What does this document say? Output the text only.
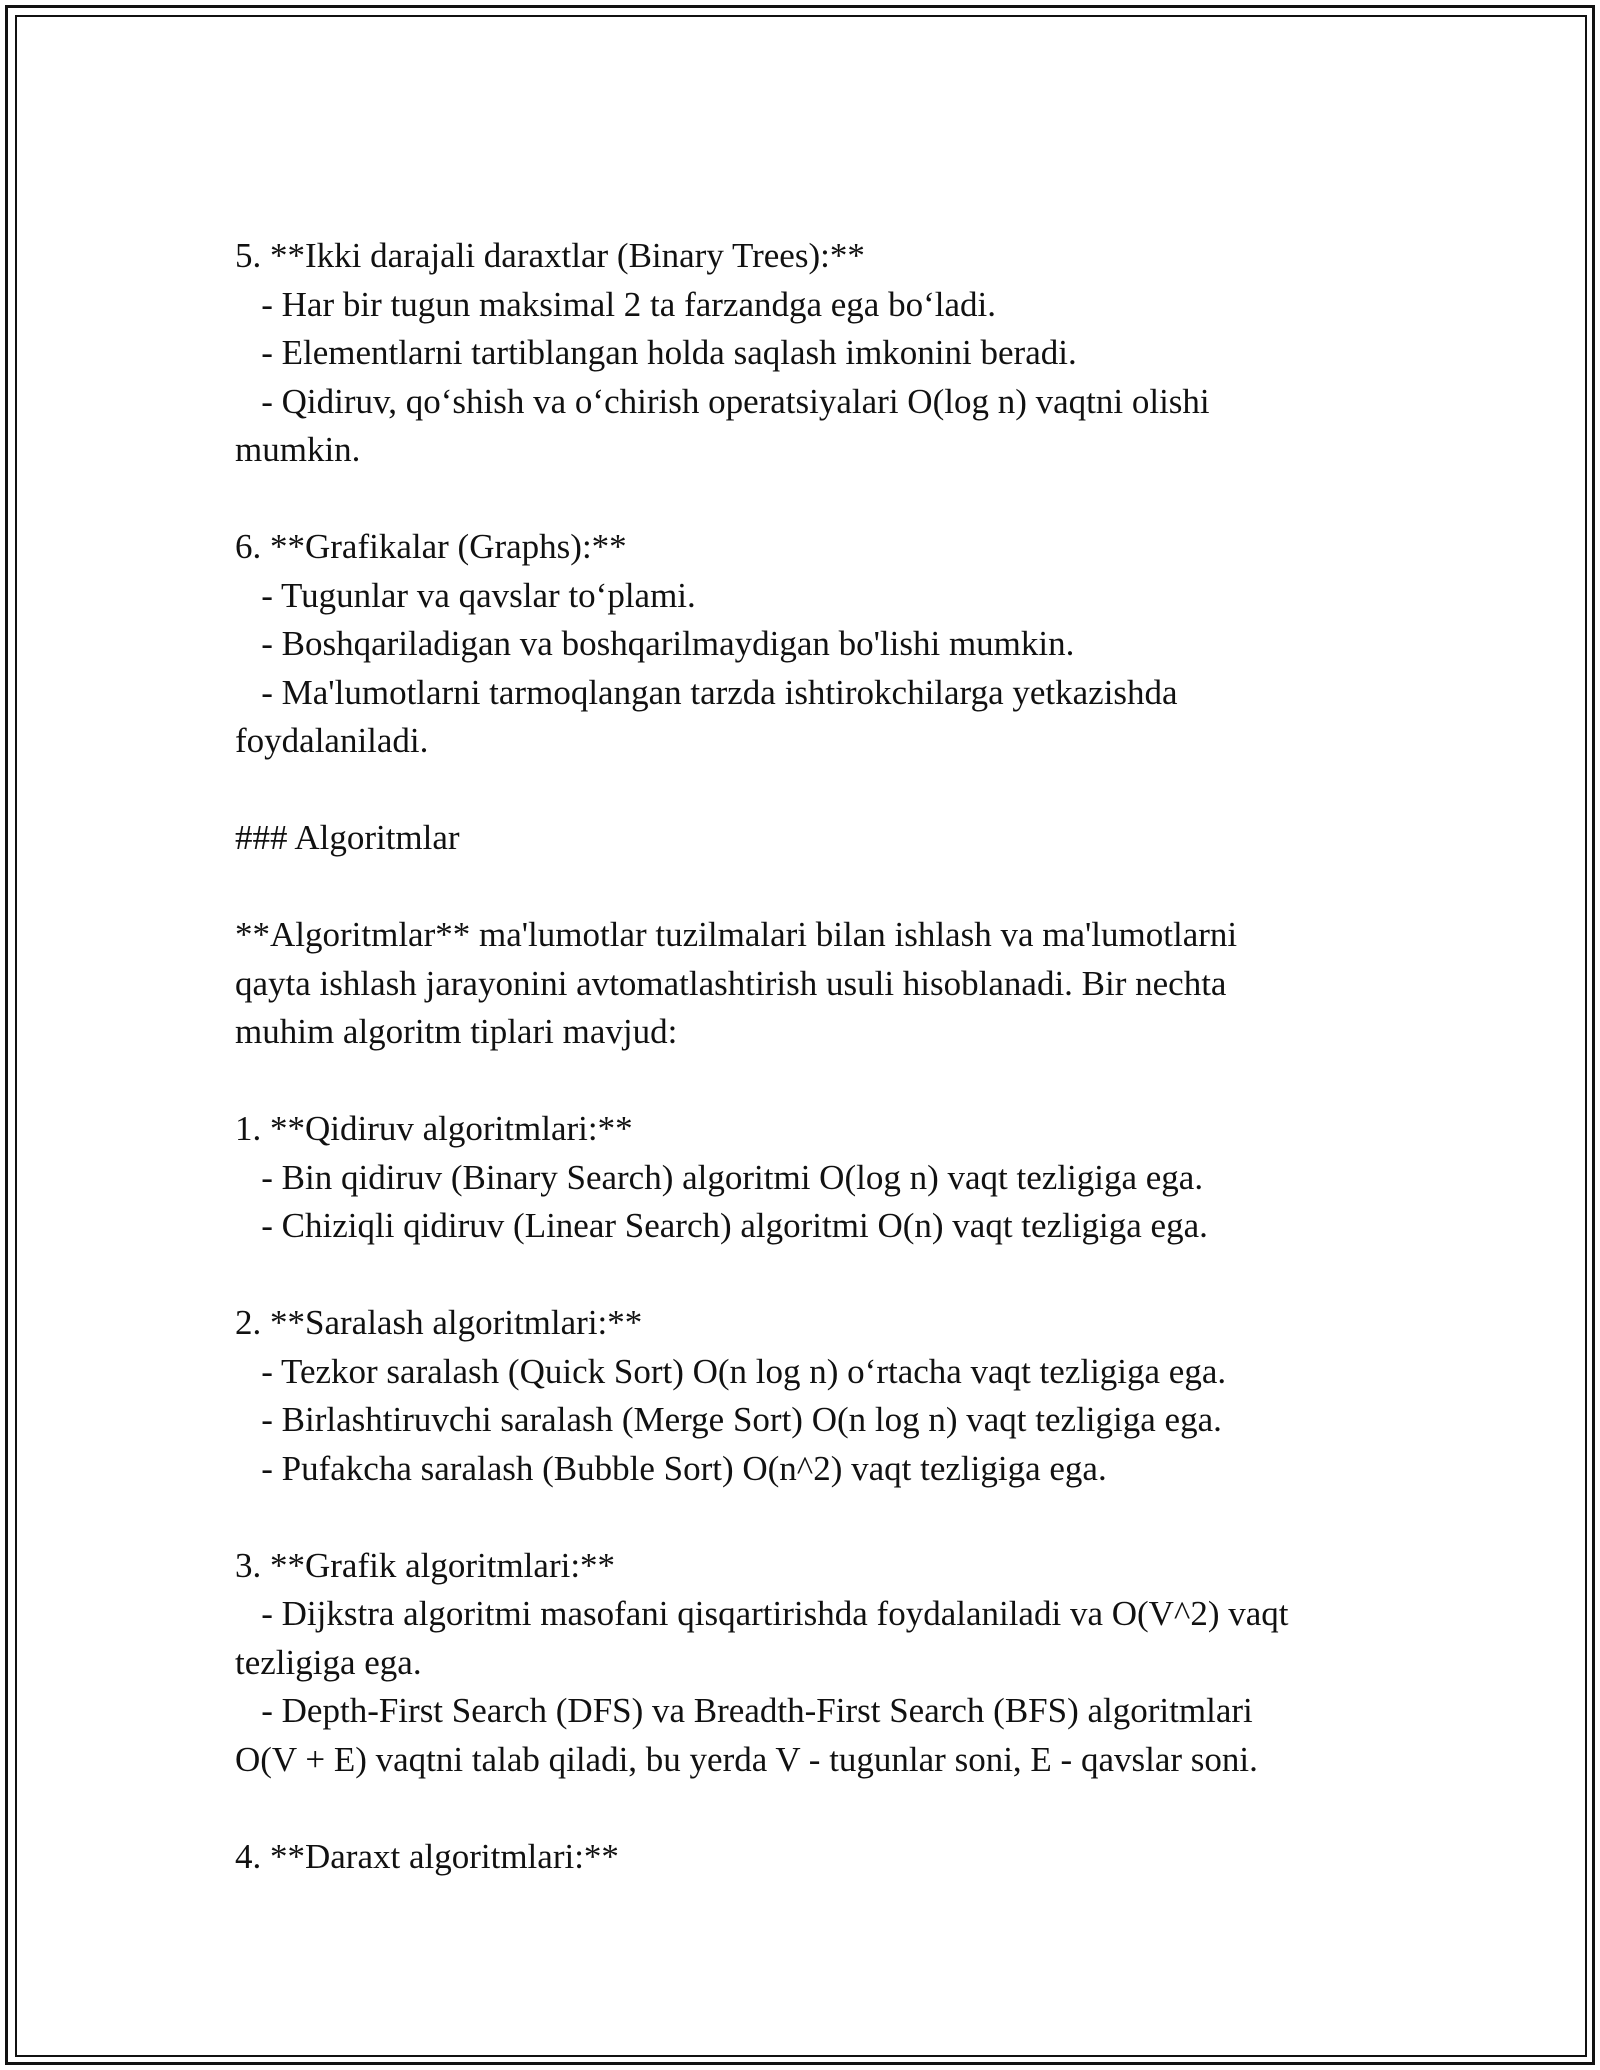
5. **Ikki darajali daraxtlar (Binary Trees):**
- Har bir tugun maksimal 2 ta farzandga ega boʻladi.
- Elementlarni tartiblangan holda saqlash imkonini beradi.
- Qidiruv, qoʻshish va oʻchirish operatsiyalari O(log n) vaqtni olishi
mumkin.
6. **Grafikalar (Graphs):**
- Tugunlar va qavslar toʻplami.
- Boshqariladigan va boshqarilmaydigan bo'lishi mumkin.
- Ma'lumotlarni tarmoqlangan tarzda ishtirokchilarga yetkazishda
foydalaniladi.
### Algoritmlar
**Algoritmlar** ma'lumotlar tuzilmalari bilan ishlash va ma'lumotlarni
qayta ishlash jarayonini avtomatlashtirish usuli hisoblanadi. Bir nechta
muhim algoritm tiplari mavjud:
1. **Qidiruv algoritmlari:**
- Bin qidiruv (Binary Search) algoritmi O(log n) vaqt tezligiga ega.
- Chiziqli qidiruv (Linear Search) algoritmi O(n) vaqt tezligiga ega.
2. **Saralash algoritmlari:**
- Tezkor saralash (Quick Sort) O(n log n) oʻrtacha vaqt tezligiga ega.
- Birlashtiruvchi saralash (Merge Sort) O(n log n) vaqt tezligiga ega.
- Pufakcha saralash (Bubble Sort) O(n^2) vaqt tezligiga ega.
3. **Grafik algoritmlari:**
- Dijkstra algoritmi masofani qisqartirishda foydalaniladi va O(V^2) vaqt
tezligiga ega.
- Depth-First Search (DFS) va Breadth-First Search (BFS) algoritmlari
O(V + E) vaqtni talab qiladi, bu yerda V - tugunlar soni, E - qavslar soni.
4. **Daraxt algoritmlari:**
